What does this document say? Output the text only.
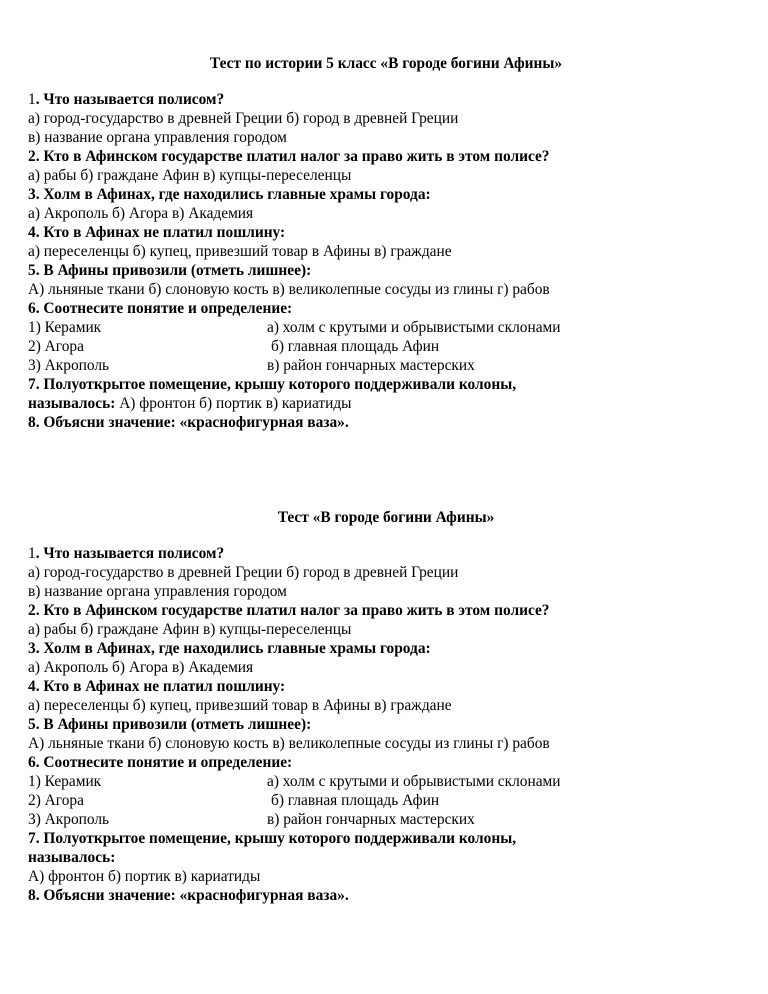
Тест по истории 5 класс «В городе богини Афины»
1. Что называется полисом?
а) город-государство в древней Греции б) город в древней Греции
в) название органа управления городом
2. Кто в Афинском государстве платил налог за право жить в этом полисе?
а) рабы б) граждане Афин в) купцы-переселенцы
3. Холм в Афинах, где находились главные храмы города:
а) Акрополь б) Агора в) Академия
4. Кто в Афинах не платил пошлину:
а) переселенцы б) купец, привезший товар в Афины в) граждане
5. В Афины привозили (отметь лишнее):
А) льняные ткани б) слоновую кость в) великолепные сосуды из глины г) рабов
6. Соотнесите понятие и определение:
1) Керамик	а) холм с крутыми и обрывистыми склонами
2) Агора	б) главная площадь Афин
3) Акрополь	в) район гончарных мастерских
7. Полуоткрытое помещение, крышу которого поддерживали колоны,
называлось: А) фронтон б) портик в) кариатиды
8. Объясни значение: «краснофигурная ваза».
Тест «В городе богини Афины»
1. Что называется полисом?
а) город-государство в древней Греции б) город в древней Греции
в) название органа управления городом
2. Кто в Афинском государстве платил налог за право жить в этом полисе?
а) рабы б) граждане Афин в) купцы-переселенцы
3. Холм в Афинах, где находились главные храмы города:
а) Акрополь б) Агора в) Академия
4. Кто в Афинах не платил пошлину:
а) переселенцы б) купец, привезший товар в Афины в) граждане
5. В Афины привозили (отметь лишнее):
А) льняные ткани б) слоновую кость в) великолепные сосуды из глины г) рабов
6. Соотнесите понятие и определение:
1) Керамик	а) холм с крутыми и обрывистыми склонами
2) Агора	б) главная площадь Афин
3) Акрополь	в) район гончарных мастерских
7. Полуоткрытое помещение, крышу которого поддерживали колоны,
называлось:
А) фронтон б) портик в) кариатиды
8. Объясни значение: «краснофигурная ваза».
